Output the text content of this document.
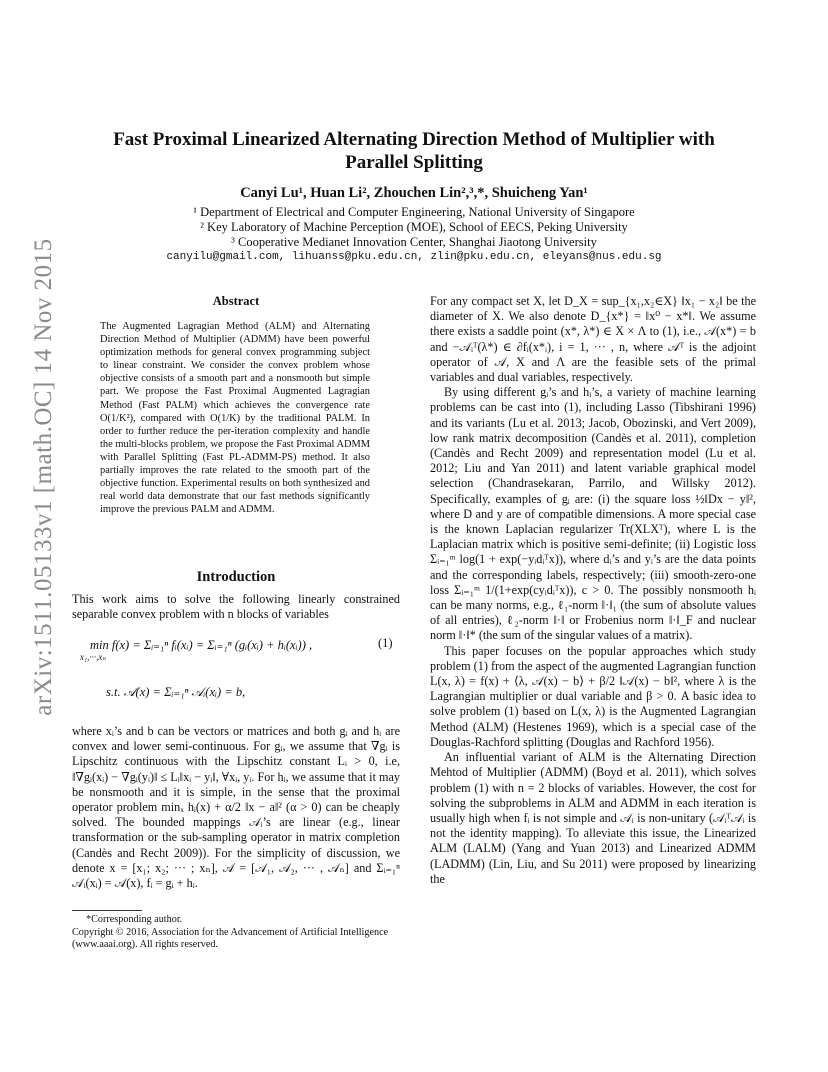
arXiv:1511.05133v1 [math.OC] 14 Nov 2015
Fast Proximal Linearized Alternating Direction Method of Multiplier with Parallel Splitting
Canyi Lu¹, Huan Li², Zhouchen Lin²,³,*, Shuicheng Yan¹
¹ Department of Electrical and Computer Engineering, National University of Singapore
² Key Laboratory of Machine Perception (MOE), School of EECS, Peking University
³ Cooperative Medianet Innovation Center, Shanghai Jiaotong University
canyilu@gmail.com, lihuanss@pku.edu.cn, zlin@pku.edu.cn, eleyans@nus.edu.sg
Abstract
The Augmented Lagragian Method (ALM) and Alternating Direction Method of Multiplier (ADMM) have been powerful optimization methods for general convex programming subject to linear constraint. We consider the convex problem whose objective consists of a smooth part and a nonsmooth but simple part. We propose the Fast Proximal Augmented Lagragian Method (Fast PALM) which achieves the convergence rate O(1/K²), compared with O(1/K) by the traditional PALM. In order to further reduce the per-iteration complexity and handle the multi-blocks problem, we propose the Fast Proximal ADMM with Parallel Splitting (Fast PL-ADMM-PS) method. It also partially improves the rate related to the smooth part of the objective function. Experimental results on both synthesized and real world data demonstrate that our fast methods significantly improve the previous PALM and ADMM.
Introduction
This work aims to solve the following linearly constrained separable convex problem with n blocks of variables
min f(x) = Σᵢ₌₁ⁿ fᵢ(xᵢ) = Σᵢ₌₁ⁿ (gᵢ(xᵢ) + hᵢ(xᵢ)) ,
x₁,···,xₙ
s.t. 𝒜(x) = Σᵢ₌₁ⁿ 𝒜ᵢ(xᵢ) = b,
(1)
where xᵢ’s and b can be vectors or matrices and both gᵢ and hᵢ are convex and lower semi-continuous. For gᵢ, we assume that ∇gᵢ is Lipschitz continuous with the Lipschitz constant Lᵢ > 0, i.e, ‖∇gᵢ(xᵢ) − ∇gᵢ(yᵢ)‖ ≤ Lᵢ‖xᵢ − yᵢ‖, ∀xᵢ, yᵢ. For hᵢ, we assume that it may be nonsmooth and it is simple, in the sense that the proximal operator problem minₓ hᵢ(x) + α/2 ‖x − a‖² (α > 0) can be cheaply solved. The bounded mappings 𝒜ᵢ’s are linear (e.g., linear transformation or the sub-sampling operator in matrix completion (Candès and Recht 2009)). For the simplicity of discussion, we denote x = [x₁; x₂; ··· ; xₙ], 𝒜 = [𝒜₁, 𝒜₂, ··· , 𝒜ₙ] and Σᵢ₌₁ⁿ 𝒜ᵢ(xᵢ) = 𝒜(x), fᵢ = gᵢ + hᵢ.

*Corresponding author.

Copyright © 2016, Association for the Advancement of Artificial Intelligence (www.aaai.org). All rights reserved.

For any compact set X, let D_X = sup_{x₁,x₂∈X} ‖x₁ − x₂‖ be the diameter of X. We also denote D_{x*} = ‖x⁰ − x*‖. We assume there exists a saddle point (x*, λ*) ∈ X × Λ to (1), i.e., 𝒜(x*) = b and −𝒜ᵢᵀ(λ*) ∈ ∂fᵢ(x*ᵢ), i = 1, ··· , n, where 𝒜ᵀ is the adjoint operator of 𝒜, X and Λ are the feasible sets of the primal variables and dual variables, respectively.

By using different gᵢ’s and hᵢ’s, a variety of machine learning problems can be cast into (1), including Lasso (Tibshirani 1996) and its variants (Lu et al. 2013; Jacob, Obozinski, and Vert 2009), low rank matrix decomposition (Candès et al. 2011), completion (Candès and Recht 2009) and representation model (Lu et al. 2012; Liu and Yan 2011) and latent variable graphical model selection (Chandrasekaran, Parrilo, and Willsky 2012). Specifically, examples of gᵢ are: (i) the square loss ½‖Dx − y‖², where D and y are of compatible dimensions. A more special case is the known Laplacian regularizer Tr(XLXᵀ), where L is the Laplacian matrix which is positive semi-definite; (ii) Logistic loss Σᵢ₌₁ᵐ log(1 + exp(−yᵢdᵢᵀx)), where dᵢ’s and yᵢ’s are the data points and the corresponding labels, respectively; (iii) smooth-zero-one loss Σᵢ₌₁ᵐ 1/(1+exp(cyᵢdᵢᵀx)), c > 0. The possibly nonsmooth hᵢ can be many norms, e.g., ℓ₁-norm ‖·‖₁ (the sum of absolute values of all entries), ℓ₂-norm ‖·‖ or Frobenius norm ‖·‖_F and nuclear norm ‖·‖* (the sum of the singular values of a matrix).

This paper focuses on the popular approaches which study problem (1) from the aspect of the augmented Lagrangian function L(x, λ) = f(x) + ⟨λ, 𝒜(x) − b⟩ + β/2 ‖𝒜(x) − b‖², where λ is the Lagrangian multiplier or dual variable and β > 0. A basic idea to solve problem (1) based on L(x, λ) is the Augmented Lagrangian Method (ALM) (Hestenes 1969), which is a special case of the Douglas-Rachford splitting (Douglas and Rachford 1956).

An influential variant of ALM is the Alternating Direction Mehtod of Multiplier (ADMM) (Boyd et al. 2011), which solves problem (1) with n = 2 blocks of variables. However, the cost for solving the subproblems in ALM and ADMM in each iteration is usually high when fᵢ is not simple and 𝒜ᵢ is non-unitary (𝒜ᵢᵀ𝒜ᵢ is not the identity mapping). To alleviate this issue, the Linearized ALM (LALM) (Yang and Yuan 2013) and Linearized ADMM (LADMM) (Lin, Liu, and Su 2011) were proposed by linearizing the
